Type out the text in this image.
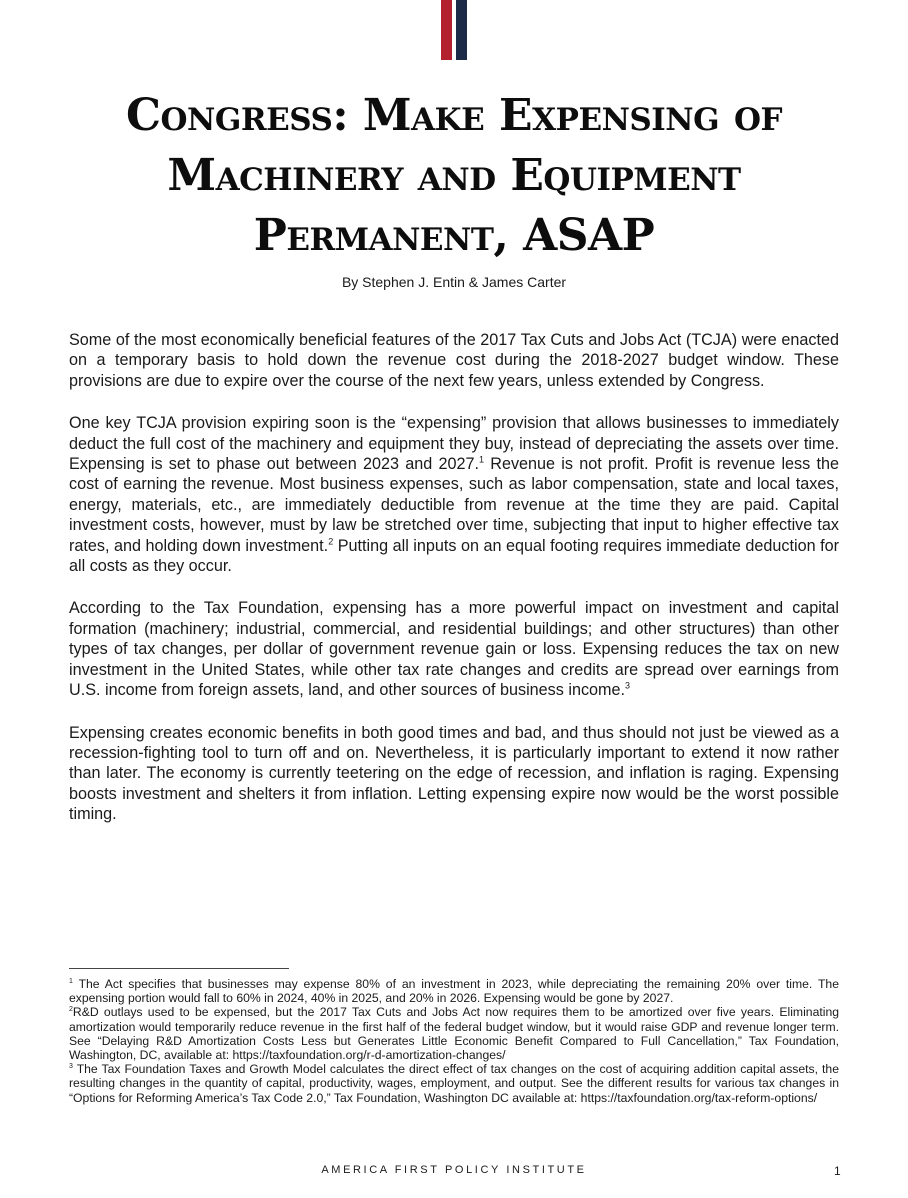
Congress: Make Expensing of Machinery and Equipment Permanent, ASAP
By Stephen J. Entin & James Carter

Some of the most economically beneficial features of the 2017 Tax Cuts and Jobs Act (TCJA) were enacted on a temporary basis to hold down the revenue cost during the 2018-2027 budget window. These provisions are due to expire over the course of the next few years, unless extended by Congress.

One key TCJA provision expiring soon is the “expensing” provision that allows businesses to immediately deduct the full cost of the machinery and equipment they buy, instead of depreciating the assets over time. Expensing is set to phase out between 2023 and 2027.$^1$ Revenue is not profit. Profit is revenue less the cost of earning the revenue. Most business expenses, such as labor compensation, state and local taxes, energy, materials, etc., are immediately deductible from revenue at the time they are paid. Capital investment costs, however, must by law be stretched over time, subjecting that input to higher effective tax rates, and holding down investment.$^2$ Putting all inputs on an equal footing requires immediate deduction for all costs as they occur.

According to the Tax Foundation, expensing has a more powerful impact on investment and capital formation (machinery; industrial, commercial, and residential buildings; and other structures) than other types of tax changes, per dollar of government revenue gain or loss. Expensing reduces the tax on new investment in the United States, while other tax rate changes and credits are spread over earnings from U.S. income from foreign assets, land, and other sources of business income.$^3$

Expensing creates economic benefits in both good times and bad, and thus should not just be viewed as a recession-fighting tool to turn off and on. Nevertheless, it is particularly important to extend it now rather than later. The economy is currently teetering on the edge of recession, and inflation is raging. Expensing boosts investment and shelters it from inflation. Letting expensing expire now would be the worst possible timing.

$^1$ The Act specifies that businesses may expense 80% of an investment in 2023, while depreciating the remaining 20% over time. The expensing portion would fall to 60% in 2024, 40% in 2025, and 20% in 2026. Expensing would be gone by 2027.

$^2$R&D outlays used to be expensed, but the 2017 Tax Cuts and Jobs Act now requires them to be amortized over five years. Eliminating amortization would temporarily reduce revenue in the first half of the federal budget window, but it would raise GDP and revenue longer term. See “Delaying R&D Amortization Costs Less but Generates Little Economic Benefit Compared to Full Cancellation,” Tax Foundation, Washington, DC, available at: https://taxfoundation.org/r-d-amortization-changes/

$^3$ The Tax Foundation Taxes and Growth Model calculates the direct effect of tax changes on the cost of acquiring addition capital assets, the resulting changes in the quantity of capital, productivity, wages, employment, and output. See the different results for various tax changes in “Options for Reforming America’s Tax Code 2.0,” Tax Foundation, Washington DC available at: https://taxfoundation.org/tax-reform-options/

AMERICA FIRST POLICY INSTITUTE	1
